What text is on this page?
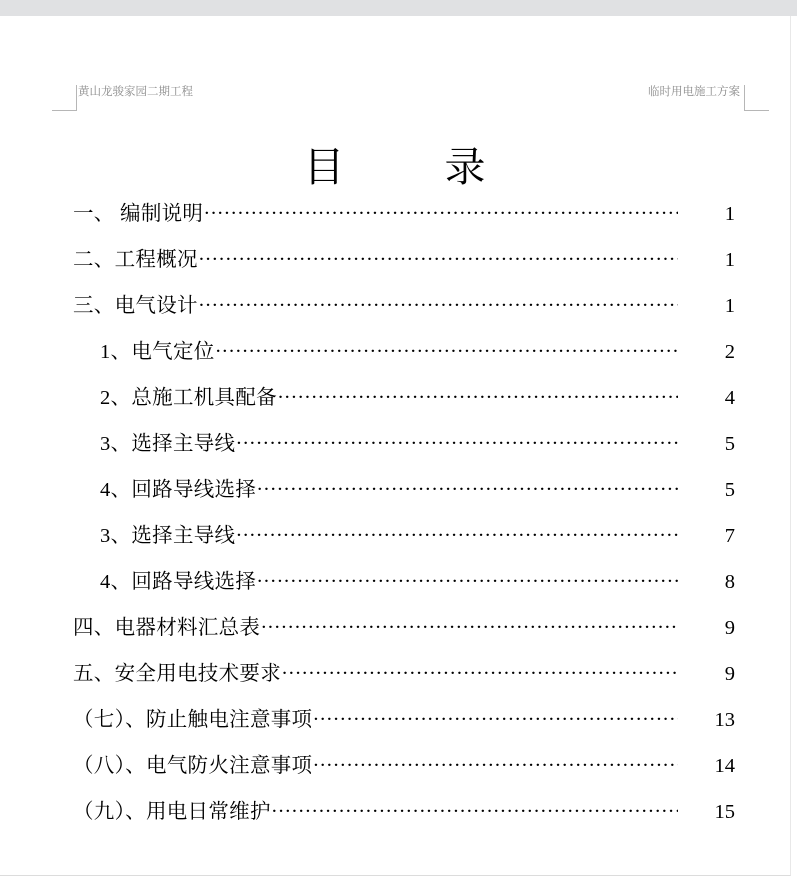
黄山龙骏家园二期工程	临时用电施工方案
目        录
一、 编制说明 .....	1
二、工程概况 .....	1
三、电气设计 .....	1
1、电气定位 .....	2
2、总施工机具配备 .....	4
3、选择主导线 .....	5
4、回路导线选择 .....	5
3、选择主导线 .....	7
4、回路导线选择 .....	8
四、电器材料汇总表 .....	9
五、安全用电技术要求 .....	9
（七）、防止触电注意事项 .....	13
（八）、电气防火注意事项 .....	14
（九）、用电日常维护 .....	15
